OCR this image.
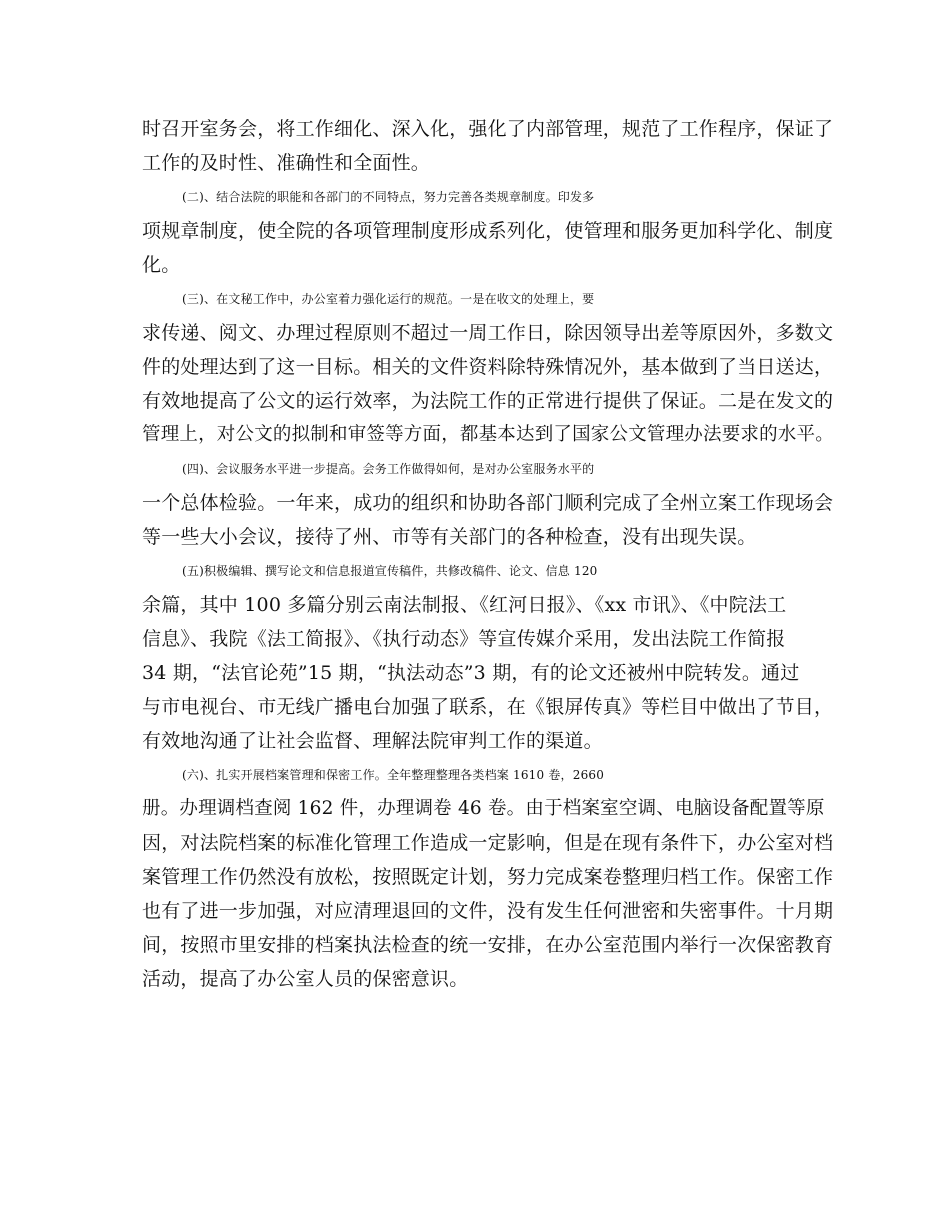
时召开室务会，将工作细化、深入化，强化了内部管理，规范了工作程序，保证了
工作的及时性、准确性和全面性。
(二)、结合法院的职能和各部门的不同特点，努力完善各类规章制度。印发多
项规章制度，使全院的各项管理制度形成系列化，使管理和服务更加科学化、制度
化。
(三)、在文秘工作中，办公室着力强化运行的规范。一是在收文的处理上，要
求传递、阅文、办理过程原则不超过一周工作日，除因领导出差等原因外，多数文
件的处理达到了这一目标。相关的文件资料除特殊情况外，基本做到了当日送达，
有效地提高了公文的运行效率，为法院工作的正常进行提供了保证。二是在发文的
管理上，对公文的拟制和审签等方面，都基本达到了国家公文管理办法要求的水平。
(四)、会议服务水平进一步提高。会务工作做得如何，是对办公室服务水平的
一个总体检验。一年来，成功的组织和协助各部门顺利完成了全州立案工作现场会
等一些大小会议，接待了州、市等有关部门的各种检查，没有出现失误。
(五)积极编辑、撰写论文和信息报道宣传稿件，共修改稿件、论文、信息 120
余篇，其中 100 多篇分别云南法制报、《红河日报》、《xx 市讯》、《中院法工
信息》、我院《法工简报》、《执行动态》等宣传媒介采用，发出法院工作简报
34 期，“法官论苑”15 期，“执法动态”3 期，有的论文还被州中院转发。通过
与市电视台、市无线广播电台加强了联系，在《银屏传真》等栏目中做出了节目，
有效地沟通了让社会监督、理解法院审判工作的渠道。
(六)、扎实开展档案管理和保密工作。全年整理整理各类档案 1610 卷，2660
册。办理调档查阅 162 件，办理调卷 46 卷。由于档案室空调、电脑设备配置等原
因，对法院档案的标准化管理工作造成一定影响，但是在现有条件下，办公室对档
案管理工作仍然没有放松，按照既定计划，努力完成案卷整理归档工作。保密工作
也有了进一步加强，对应清理退回的文件，没有发生任何泄密和失密事件。十月期
间，按照市里安排的档案执法检查的统一安排，在办公室范围内举行一次保密教育
活动，提高了办公室人员的保密意识。
